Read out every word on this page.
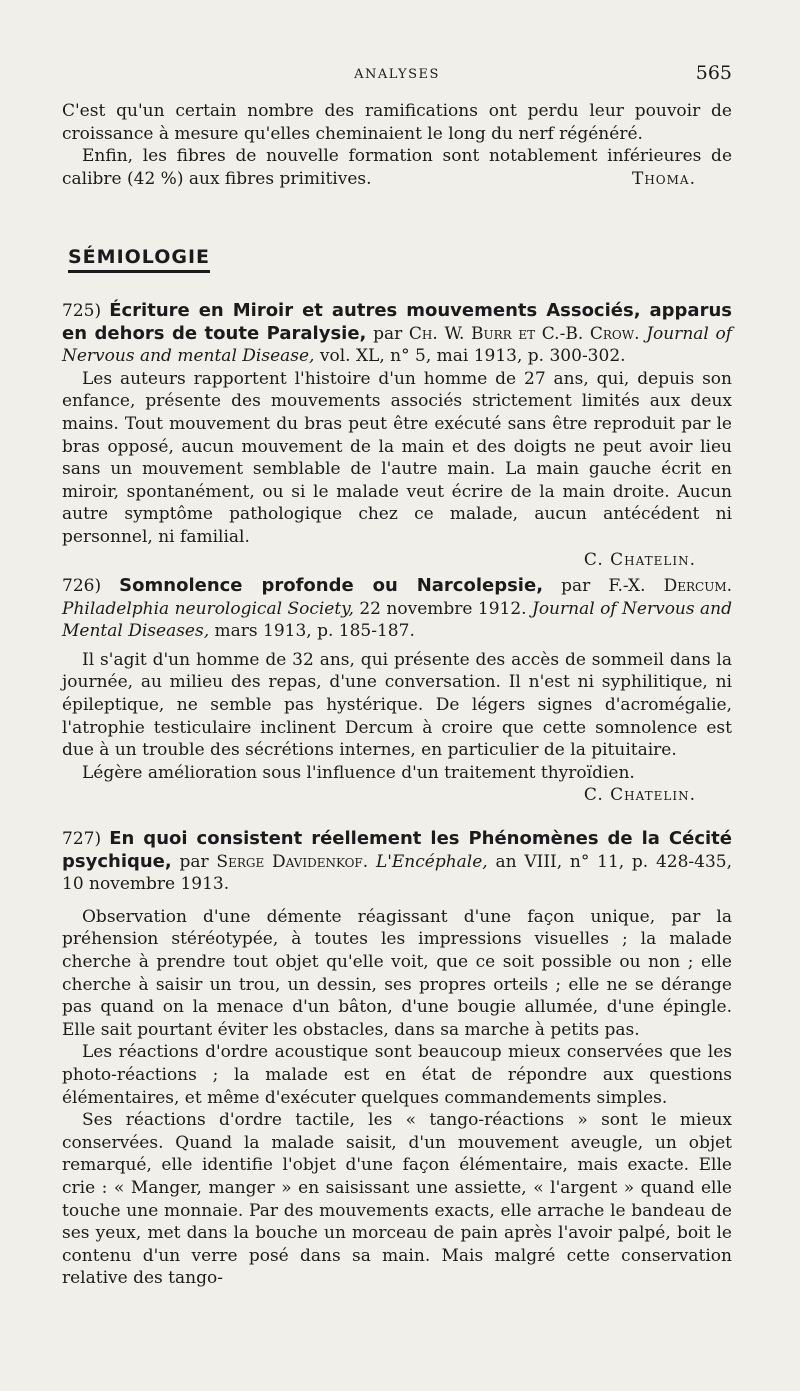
ANALYSES	565

C'est qu'un certain nombre des ramifications ont perdu leur pouvoir de croissance à mesure qu'elles cheminaient le long du nerf régénéré.

Enfin, les fibres de nouvelle formation sont notablement inférieures de calibre (42 %) aux fibres primitives.	Thoma.

SÉMIOLOGIE

725) Écriture en Miroir et autres mouvements Associés, apparus en dehors de toute Paralysie, par Ch. W. Burr et C.-B. Crow. Journal of Nervous and mental Disease, vol. XL, n° 5, mai 1913, p. 300-302.

Les auteurs rapportent l'histoire d'un homme de 27 ans, qui, depuis son enfance, présente des mouvements associés strictement limités aux deux mains. Tout mouvement du bras peut être exécuté sans être reproduit par le bras opposé, aucun mouvement de la main et des doigts ne peut avoir lieu sans un mouvement semblable de l'autre main. La main gauche écrit en miroir, spontanément, ou si le malade veut écrire de la main droite. Aucun autre symptôme pathologique chez ce malade, aucun antécédent ni personnel, ni familial.

C. Chatelin.

726) Somnolence profonde ou Narcolepsie, par F.-X. Dercum. Philadelphia neurological Society, 22 novembre 1912. Journal of Nervous and Mental Diseases, mars 1913, p. 185-187.

Il s'agit d'un homme de 32 ans, qui présente des accès de sommeil dans la journée, au milieu des repas, d'une conversation. Il n'est ni syphilitique, ni épileptique, ne semble pas hystérique. De légers signes d'acromégalie, l'atrophie testiculaire inclinent Dercum à croire que cette somnolence est due à un trouble des sécrétions internes, en particulier de la pituitaire.

Légère amélioration sous l'influence d'un traitement thyroïdien.

C. Chatelin.

727) En quoi consistent réellement les Phénomènes de la Cécité psychique, par Serge Davidenkof. L'Encéphale, an VIII, n° 11, p. 428-435, 10 novembre 1913.

Observation d'une démente réagissant d'une façon unique, par la préhension stéréotypée, à toutes les impressions visuelles ; la malade cherche à prendre tout objet qu'elle voit, que ce soit possible ou non ; elle cherche à saisir un trou, un dessin, ses propres orteils ; elle ne se dérange pas quand on la menace d'un bâton, d'une bougie allumée, d'une épingle. Elle sait pourtant éviter les obstacles, dans sa marche à petits pas.

Les réactions d'ordre acoustique sont beaucoup mieux conservées que les photo-réactions ; la malade est en état de répondre aux questions élémentaires, et même d'exécuter quelques commandements simples.

Ses réactions d'ordre tactile, les « tango-réactions » sont le mieux conservées. Quand la malade saisit, d'un mouvement aveugle, un objet remarqué, elle identifie l'objet d'une façon élémentaire, mais exacte. Elle crie : « Manger, manger » en saisissant une assiette, « l'argent » quand elle touche une monnaie. Par des mouvements exacts, elle arrache le bandeau de ses yeux, met dans la bouche un morceau de pain après l'avoir palpé, boit le contenu d'un verre posé dans sa main. Mais malgré cette conservation relative des tango-
